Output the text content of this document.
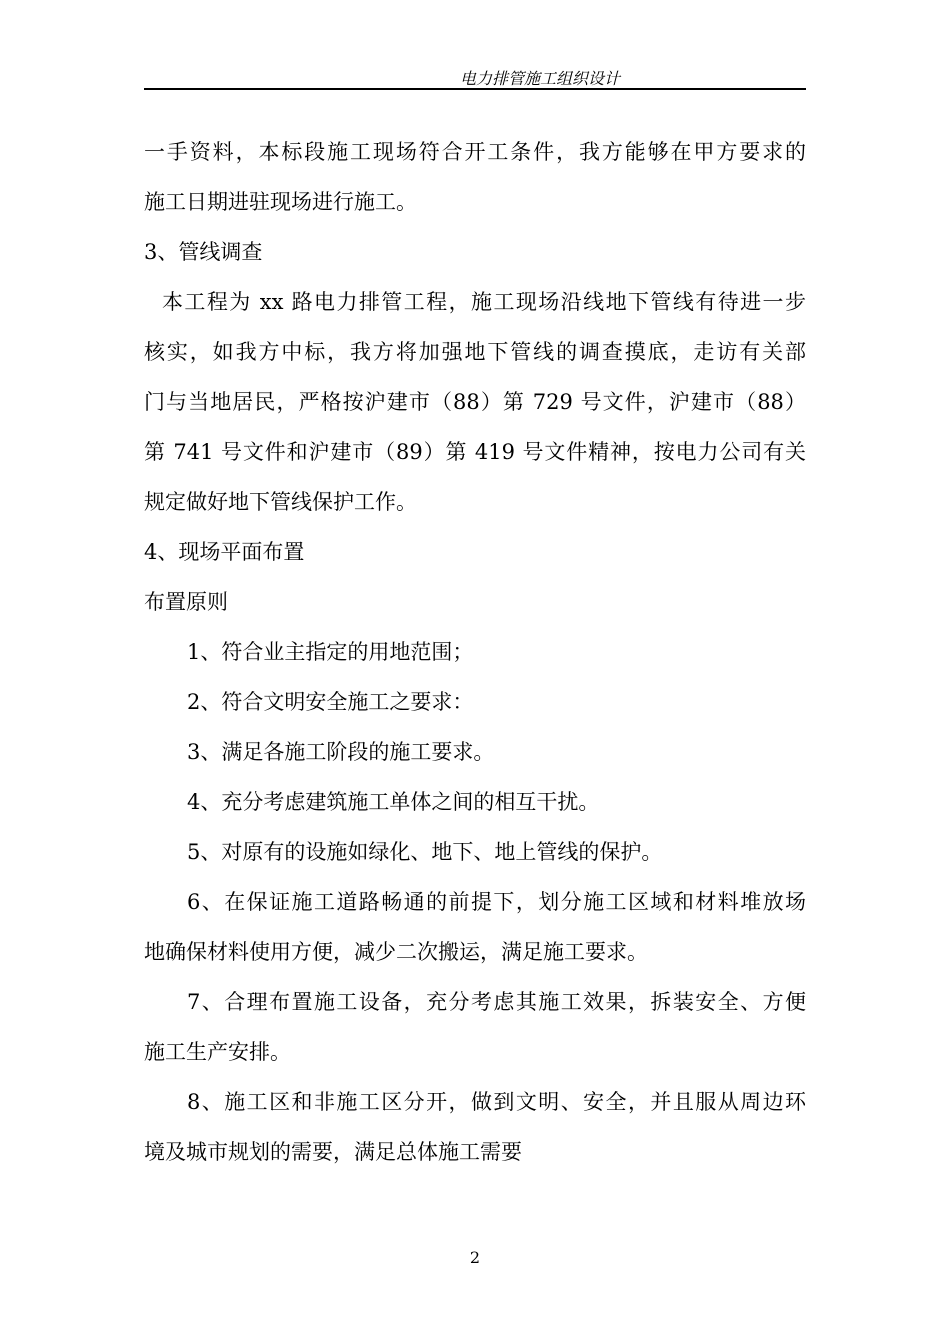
电力排管施工组织设计
一手资料，本标段施工现场符合开工条件，我方能够在甲方要求的
施工日期进驻现场进行施工。
3、管线调查
本工程为 xx 路电力排管工程，施工现场沿线地下管线有待进一步
核实，如我方中标，我方将加强地下管线的调查摸底，走访有关部
门与当地居民，严格按沪建市（88）第 729 号文件，沪建市（88）
第 741 号文件和沪建市（89）第 419 号文件精神，按电力公司有关
规定做好地下管线保护工作。
4、现场平面布置
布置原则
1、符合业主指定的用地范围；
2、符合文明安全施工之要求：
3、满足各施工阶段的施工要求。
4、充分考虑建筑施工单体之间的相互干扰。
5、对原有的设施如绿化、地下、地上管线的保护。
6、在保证施工道路畅通的前提下，划分施工区域和材料堆放场
地确保材料使用方便，减少二次搬运，满足施工要求。
7、合理布置施工设备，充分考虑其施工效果，拆装安全、方便
施工生产安排。
8、施工区和非施工区分开，做到文明、安全，并且服从周边环
境及城市规划的需要，满足总体施工需要
2
